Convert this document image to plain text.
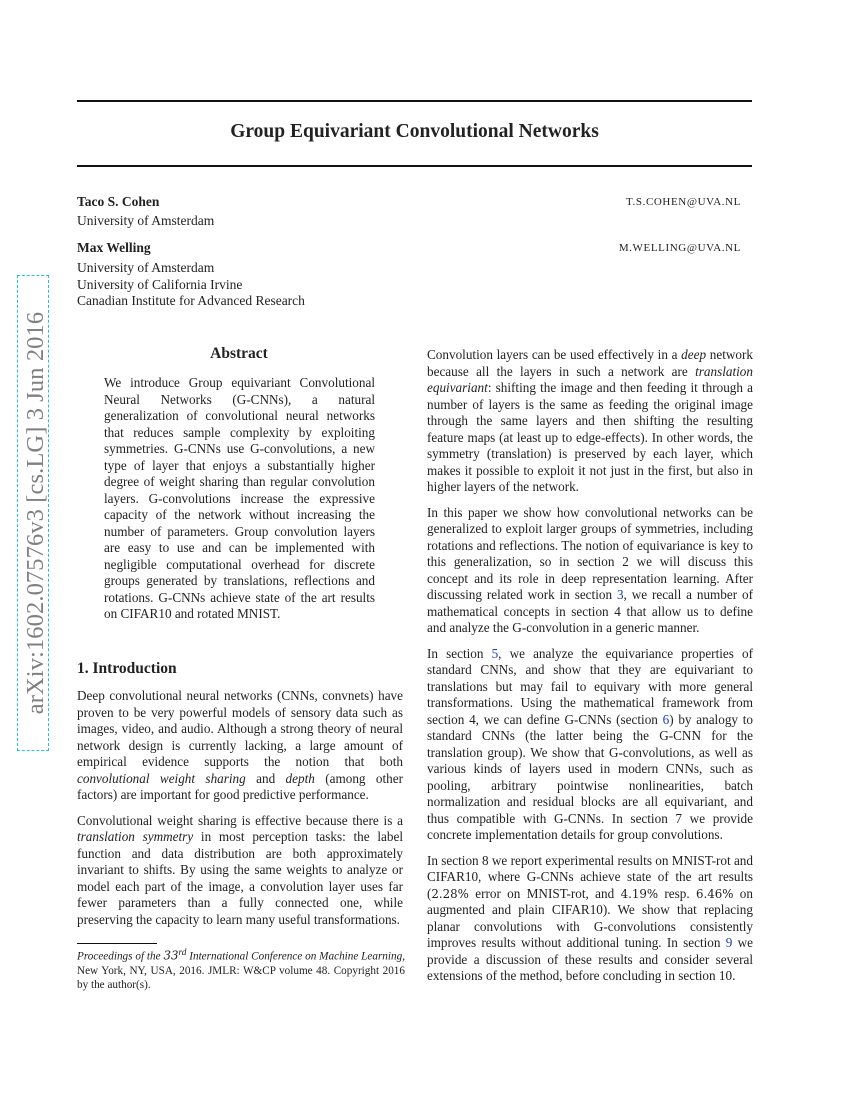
Group Equivariant Convolutional Networks
Taco S. Cohen	T.S.COHEN@UVA.NL
University of Amsterdam
Max Welling	M.WELLING@UVA.NL
University of Amsterdam
University of California Irvine
Canadian Institute for Advanced Research
arXiv:1602.07576v3 [cs.LG] 3 Jun 2016	Abstract
We introduce Group equivariant Convolutional Neural Networks (G-CNNs), a natural generalization of convolutional neural networks that reduces sample complexity by exploiting symmetries. G-CNNs use G-convolutions, a new type of layer that enjoys a substantially higher degree of weight sharing than regular convolution layers. G-convolutions increase the expressive capacity of the network without increasing the number of parameters. Group convolution layers are easy to use and can be implemented with negligible computational overhead for discrete groups generated by translations, reflections and rotations. G-CNNs achieve state of the art results on CIFAR10 and rotated MNIST.
1. Introduction

Deep convolutional neural networks (CNNs, convnets) have proven to be very powerful models of sensory data such as images, video, and audio. Although a strong theory of neural network design is currently lacking, a large amount of empirical evidence supports the notion that both convolutional weight sharing and depth (among other factors) are important for good predictive performance.

Convolutional weight sharing is effective because there is a translation symmetry in most perception tasks: the label function and data distribution are both approximately invariant to shifts. By using the same weights to analyze or model each part of the image, a convolution layer uses far fewer parameters than a fully connected one, while preserving the capacity to learn many useful transformations.

Proceedings of the 33rd International Conference on Machine Learning, New York, NY, USA, 2016. JMLR: W&CP volume 48. Copyright 2016 by the author(s).

Convolution layers can be used effectively in a deep network because all the layers in such a network are translation equivariant: shifting the image and then feeding it through a number of layers is the same as feeding the original image through the same layers and then shifting the resulting feature maps (at least up to edge-effects). In other words, the symmetry (translation) is preserved by each layer, which makes it possible to exploit it not just in the first, but also in higher layers of the network.

In this paper we show how convolutional networks can be generalized to exploit larger groups of symmetries, including rotations and reflections. The notion of equivariance is key to this generalization, so in section 2 we will discuss this concept and its role in deep representation learning. After discussing related work in section 3, we recall a number of mathematical concepts in section 4 that allow us to define and analyze the G-convolution in a generic manner.

In section 5, we analyze the equivariance properties of standard CNNs, and show that they are equivariant to translations but may fail to equivary with more general transformations. Using the mathematical framework from section 4, we can define G-CNNs (section 6) by analogy to standard CNNs (the latter being the G-CNN for the translation group). We show that G-convolutions, as well as various kinds of layers used in modern CNNs, such as pooling, arbitrary pointwise nonlinearities, batch normalization and residual blocks are all equivariant, and thus compatible with G-CNNs. In section 7 we provide concrete implementation details for group convolutions.

In section 8 we report experimental results on MNIST-rot and CIFAR10, where G-CNNs achieve state of the art results (2.28% error on MNIST-rot, and 4.19% resp. 6.46% on augmented and plain CIFAR10). We show that replacing planar convolutions with G-convolutions consistently improves results without additional tuning. In section 9 we provide a discussion of these results and consider several extensions of the method, before concluding in section 10.
